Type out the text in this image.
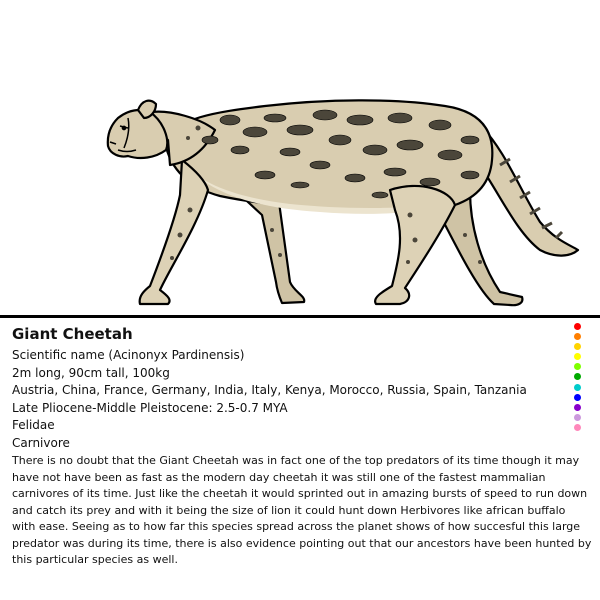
Giant Cheetah
Scientific name (Acinonyx Pardinensis)
2m long, 90cm tall, 100kg
Austria, China, France, Germany, India, Italy, Kenya, Morocco, Russia, Spain, Tanzania
Late Pliocene-Middle Pleistocene: 2.5-0.7 MYA
Felidae
Carnivore
There is no doubt that the Giant Cheetah was in fact one of the top predators of its time though it may have not have been as fast as the modern day cheetah it was still one of the fastest mammalian carnivores of its time. Just like the cheetah it would sprinted out in amazing bursts of speed to run down and catch its prey and with it being the size of lion it could hunt down Herbivores like african buffalo with ease. Seeing as to how far this species spread across the planet shows of how succesful this large predator was during its time, there is also evidence pointing out that our ancestors have been hunted by this particular species as well.
